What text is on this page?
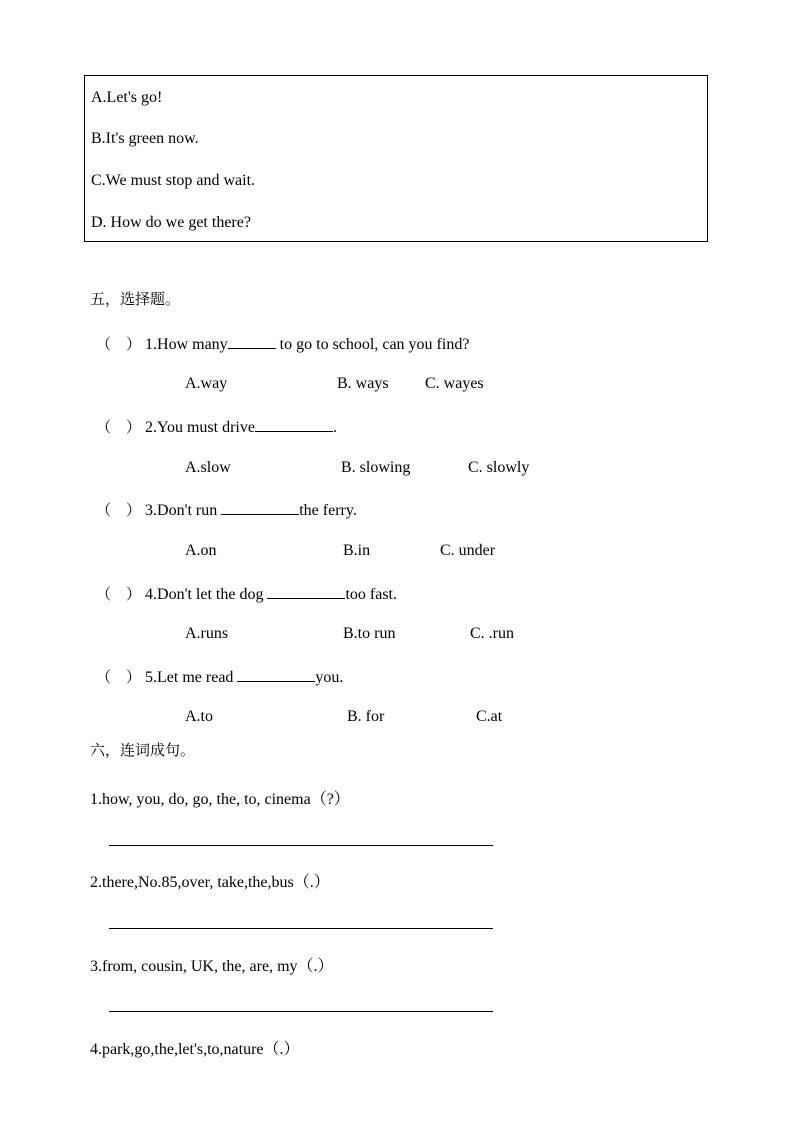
A.Let's go!
B.It's green now.
C.We must stop and wait.
D. How do we get there?
五，选择题。
（　） 1.How many	to go to school, can you find?
A.way	B. ways C. wayes
（　） 2.You must drive	.
A.slow	B. slowing	C. slowly
（　） 3.Don't run	the ferry.
A.on	B.in	C. under
（　） 4.Don't let the dog	too fast.
A.runs	B.to run	C. .run
（　） 5.Let me read	you.
A.to	B. for	C.at
六，连词成句。
1.how, you, do, go, the, to, cinema（?）
2.there,No.85,over, take,the,bus（.）
3.from, cousin, UK, the, are, my（.）
4.park,go,the,let's,to,nature（.）
